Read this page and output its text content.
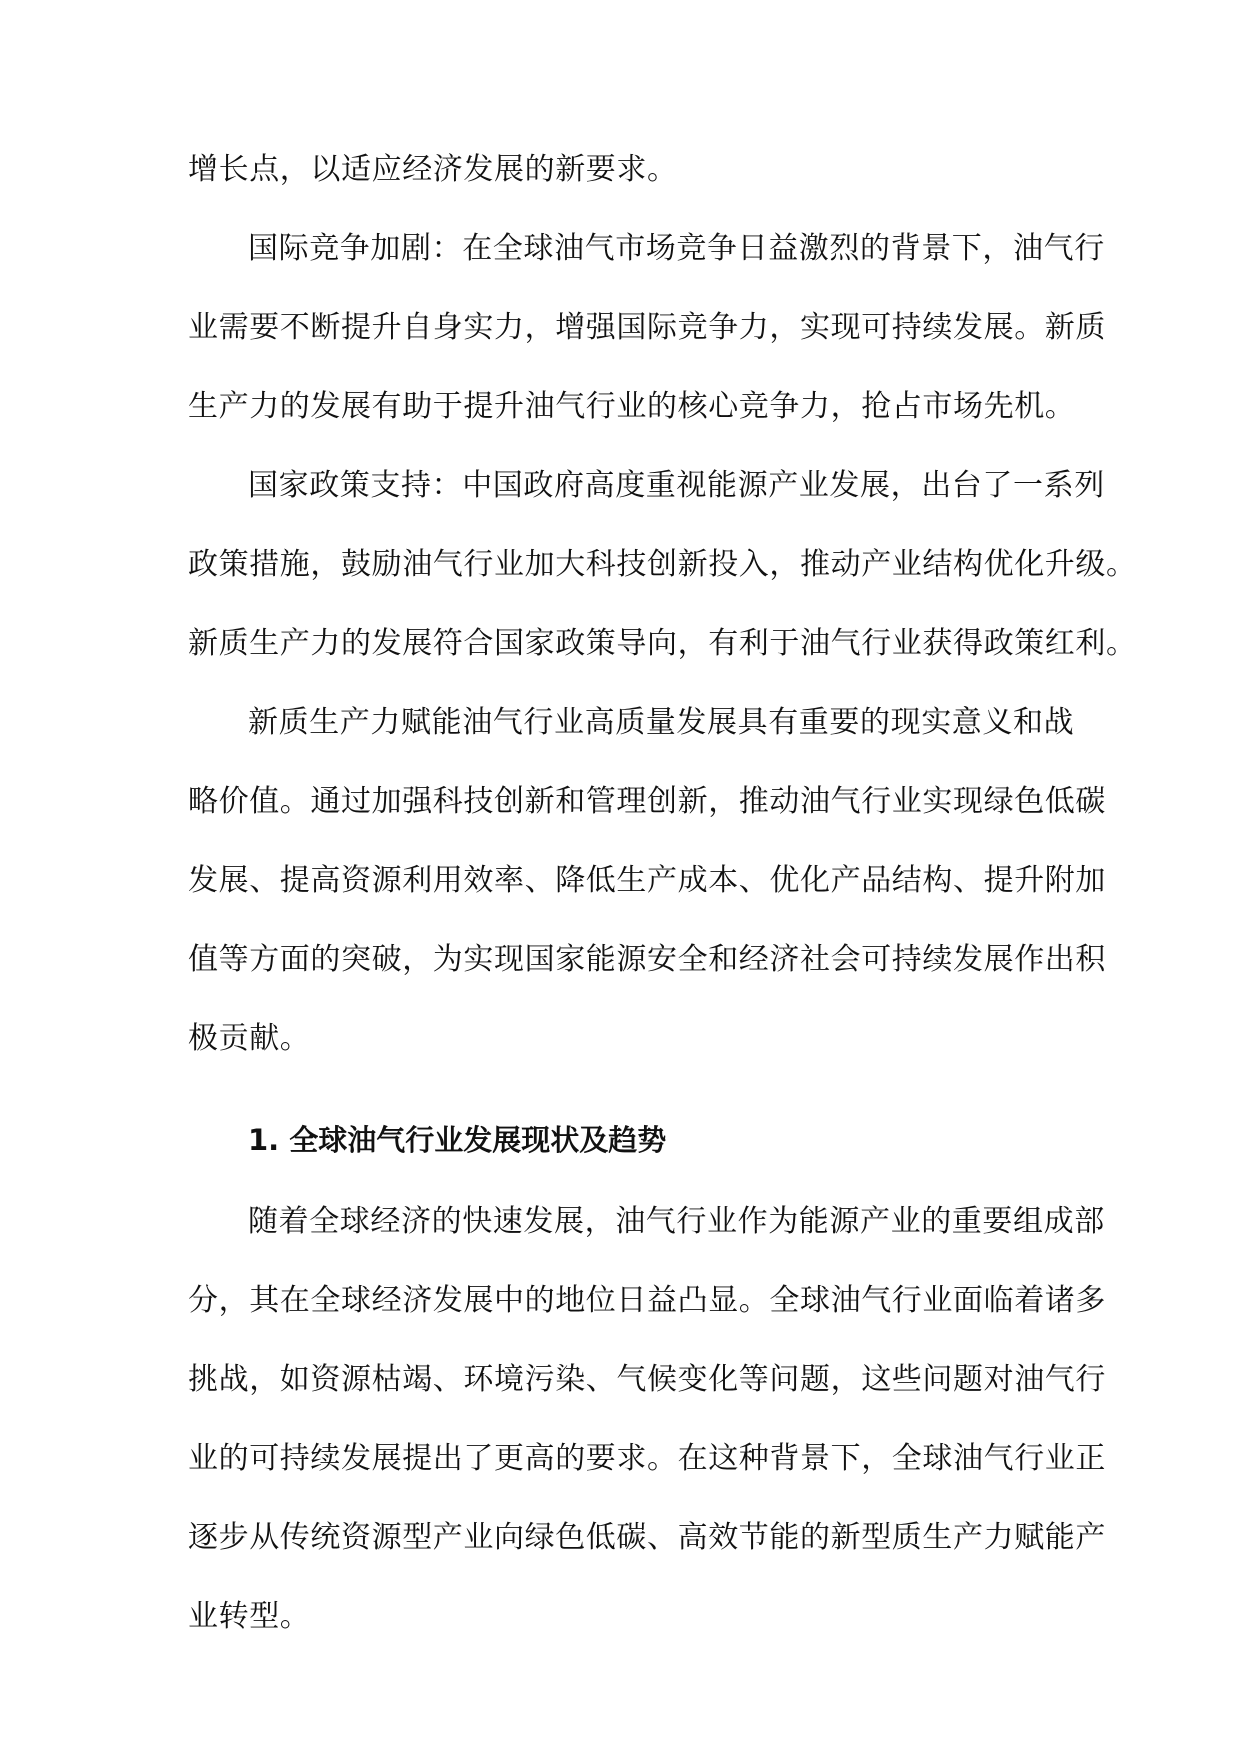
增长点，以适应经济发展的新要求。
国际竞争加剧：在全球油气市场竞争日益激烈的背景下，油气行
业需要不断提升自身实力，增强国际竞争力，实现可持续发展。新质
生产力的发展有助于提升油气行业的核心竞争力，抢占市场先机。
国家政策支持：中国政府高度重视能源产业发展，出台了一系列
政策措施，鼓励油气行业加大科技创新投入，推动产业结构优化升级。
新质生产力的发展符合国家政策导向，有利于油气行业获得政策红利。
新质生产力赋能油气行业高质量发展具有重要的现实意义和战
略价值。通过加强科技创新和管理创新，推动油气行业实现绿色低碳
发展、提高资源利用效率、降低生产成本、优化产品结构、提升附加
值等方面的突破，为实现国家能源安全和经济社会可持续发展作出积
极贡献。
1. 全球油气行业发展现状及趋势
随着全球经济的快速发展，油气行业作为能源产业的重要组成部
分，其在全球经济发展中的地位日益凸显。全球油气行业面临着诸多
挑战，如资源枯竭、环境污染、气候变化等问题，这些问题对油气行
业的可持续发展提出了更高的要求。在这种背景下，全球油气行业正
逐步从传统资源型产业向绿色低碳、高效节能的新型质生产力赋能产
业转型。
